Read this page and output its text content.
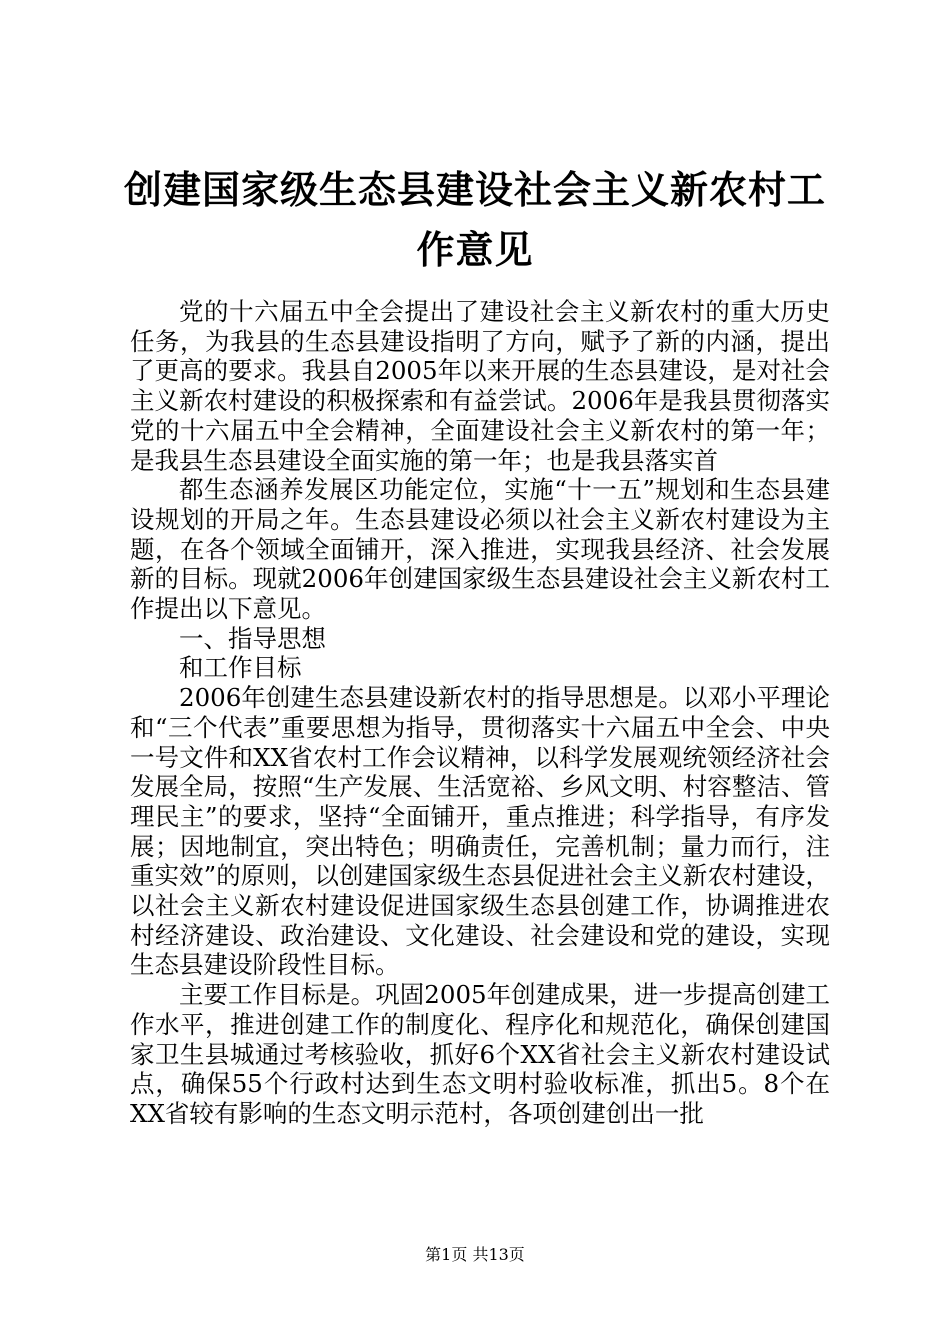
创建国家级生态县建设社会主义新农村工作意见

党的十六届五中全会提出了建设社会主义新农村的重大历史任务，为我县的生态县建设指明了方向，赋予了新的内涵，提出了更高的要求。我县自2005年以来开展的生态县建设，是对社会主义新农村建设的积极探索和有益尝试。2006年是我县贯彻落实党的十六届五中全会精神，全面建设社会主义新农村的第一年；是我县生态县建设全面实施的第一年；也是我县落实首

都生态涵养发展区功能定位，实施“十一五”规划和生态县建设规划的开局之年。生态县建设必须以社会主义新农村建设为主题，在各个领域全面铺开，深入推进，实现我县经济、社会发展新的目标。现就2006年创建国家级生态县建设社会主义新农村工作提出以下意见。

一、指导思想

和工作目标

2006年创建生态县建设新农村的指导思想是。以邓小平理论和“三个代表”重要思想为指导，贯彻落实十六届五中全会、中央一号文件和XX省农村工作会议精神，以科学发展观统领经济社会发展全局，按照“生产发展、生活宽裕、乡风文明、村容整洁、管理民主”的要求，坚持“全面铺开，重点推进；科学指导，有序发展；因地制宜，突出特色；明确责任，完善机制；量力而行，注重实效”的原则，以创建国家级生态县促进社会主义新农村建设，以社会主义新农村建设促进国家级生态县创建工作，协调推进农村经济建设、政治建设、文化建设、社会建设和党的建设，实现生态县建设阶段性目标。

主要工作目标是。巩固2005年创建成果，进一步提高创建工作水平，推进创建工作的制度化、程序化和规范化，确保创建国家卫生县城通过考核验收，抓好6个XX省社会主义新农村建设试点，确保55个行政村达到生态文明村验收标准，抓出5。8个在XX省较有影响的生态文明示范村，各项创建创出一批

第1页 共13页
